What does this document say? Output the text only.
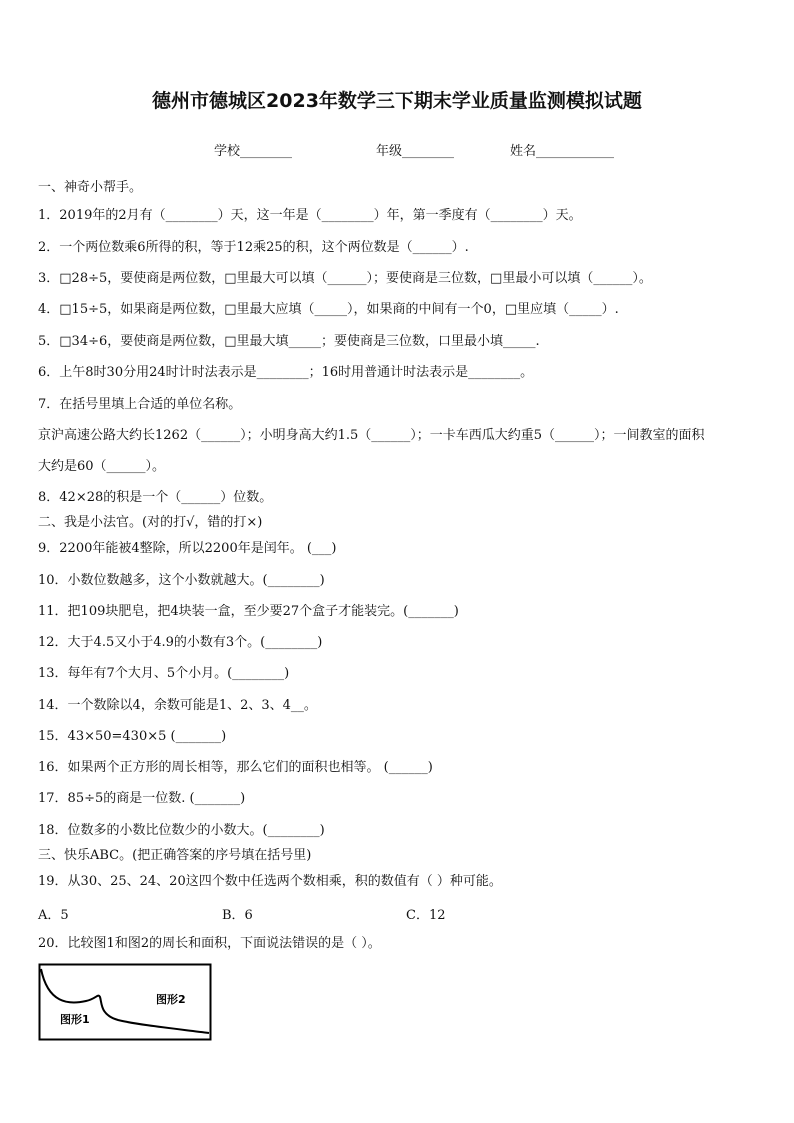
德州市德城区2023年数学三下期末学业质量监测模拟试题
学校________	年级________	姓名____________
一、神奇小帮手。
1．2019年的2月有（________）天，这一年是（________）年，第一季度有（________）天。
2．一个两位数乘6所得的积，等于12乘25的积，这个两位数是（______）.
3．□28÷5，要使商是两位数，□里最大可以填（______）；要使商是三位数，□里最小可以填（______）。
4．□15÷5，如果商是两位数，□里最大应填（_____），如果商的中间有一个0，□里应填（_____）.
5．□34÷6，要使商是两位数，□里最大填_____；要使商是三位数，口里最小填_____.
6．上午8时30分用24时计时法表示是________；16时用普通计时法表示是________。
7．在括号里填上合适的单位名称。
京沪高速公路大约长1262（______）；小明身高大约1.5（______）；一卡车西瓜大约重5（______）；一间教室的面积
大约是60（______）。
8．42×28的积是一个（______）位数。
二、我是小法官。(对的打√，错的打×)
9．2200年能被4整除，所以2200年是闰年。 (___)
10．小数位数越多，这个小数就越大。(________)
11．把109块肥皂，把4块装一盒，至少要27个盒子才能装完。(_______)
12．大于4.5又小于4.9的小数有3个。(________)
13．每年有7个大月、5个小月。(________)
14．一个数除以4，余数可能是1、2、3、4__。
15．43×50=430×5 (_______)
16．如果两个正方形的周长相等，那么它们的面积也相等。 (______)
17．85÷5的商是一位数. (_______)
18．位数多的小数比位数少的小数大。(________)
三、快乐ABC。(把正确答案的序号填在括号里)
19．从30、25、24、20这四个数中任选两个数相乘，积的数值有（ ）种可能。
A．5	B．6	C．12
20．比较图1和图2的周长和面积，下面说法错误的是（ ）。
图形2
图形1
